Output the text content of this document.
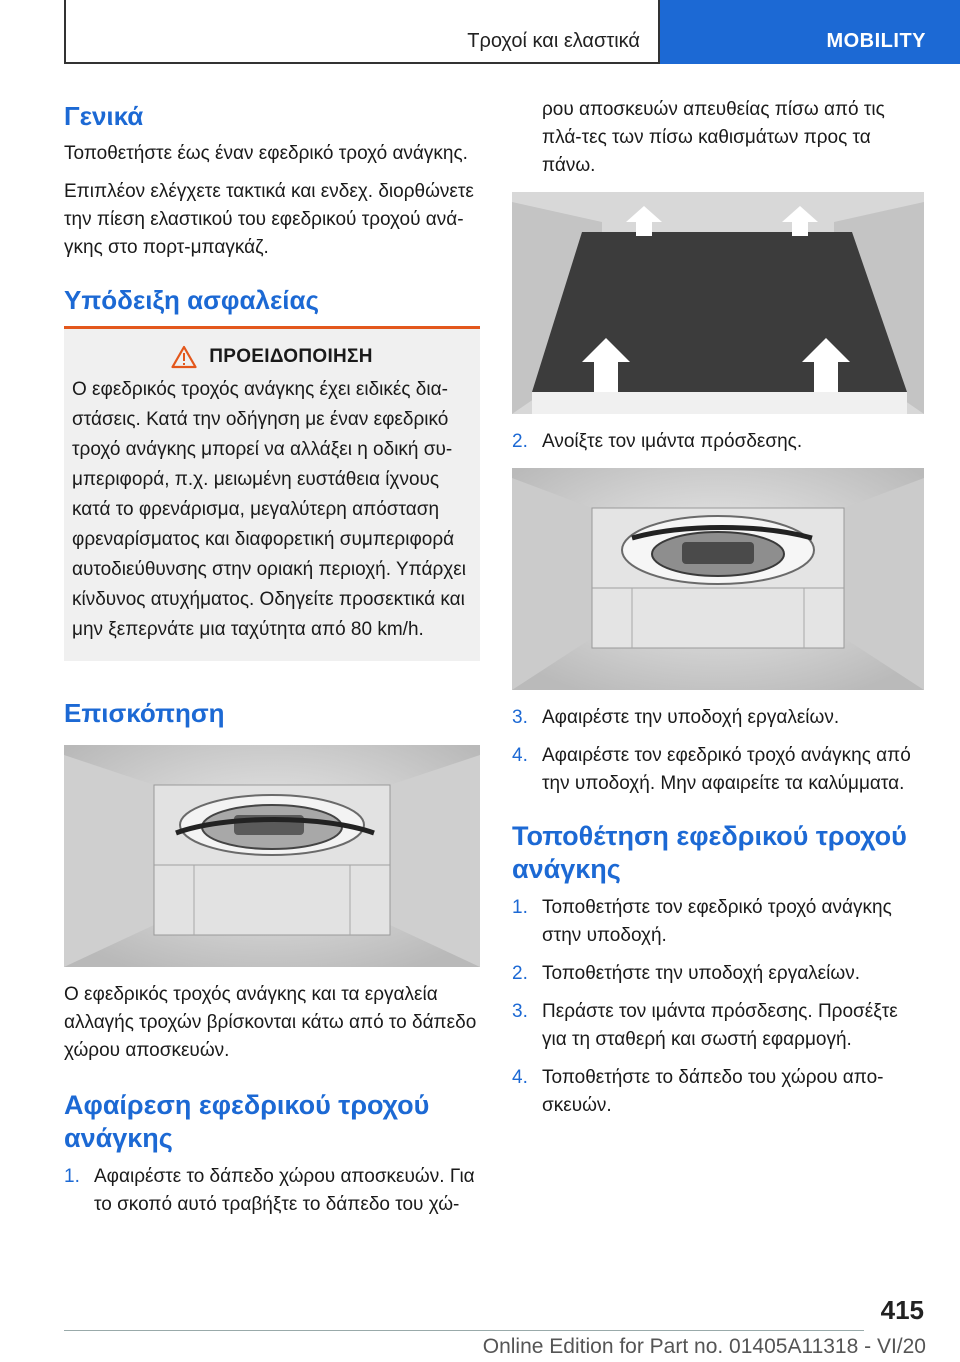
Τροχοί και ελαστικά	MOBILITY
Γενικά

Τοποθετήστε έως έναν εφεδρικό τροχό ανάγκης.

Επιπλέον ελέγχετε τακτικά και ενδεχ. διορθώνετε την πίεση ελαστικού του εφεδρικού τροχού ανά-γκης στο πορτ-μπαγκάζ.

Υπόδειξη ασφαλείας
ΠΡΟΕΙΔΟΠΟΙΗΣΗ

Ο εφεδρικός τροχός ανάγκης έχει ειδικές δια-στάσεις. Κατά την οδήγηση με έναν εφεδρικό τροχό ανάγκης μπορεί να αλλάξει η οδική συ-μπεριφορά, π.χ. μειωμένη ευστάθεια ίχνους κατά το φρενάρισμα, μεγαλύτερη απόσταση φρεναρίσματος και διαφορετική συμπεριφορά αυτοδιεύθυνσης στην οριακή περιοχή. Υπάρχει κίνδυνος ατυχήματος. Οδηγείτε προσεκτικά και μην ξεπερνάτε μια ταχύτητα από 80 km/h.

Επισκόπηση

Ο εφεδρικός τροχός ανάγκης και τα εργαλεία αλλαγής τροχών βρίσκονται κάτω από το δάπεδο χώρου αποσκευών.

Αφαίρεση εφεδρικού τροχού ανάγκης
1. Αφαιρέστε το δάπεδο χώρου αποσκευών. Για το σκοπό αυτό τραβήξτε το δάπεδο του χώ-

ρου αποσκευών απευθείας πίσω από τις πλά-τες των πίσω καθισμάτων προς τα πάνω.

2. Ανοίξτε τον ιμάντα πρόσδεσης.
3. Αφαιρέστε την υποδοχή εργαλείων.
4. Αφαιρέστε τον εφεδρικό τροχό ανάγκης από την υποδοχή. Μην αφαιρείτε τα καλύμματα.
Τοποθέτηση εφεδρικού τροχού ανάγκης
1. Τοποθετήστε τον εφεδρικό τροχό ανάγκης στην υποδοχή.
2. Τοποθετήστε την υποδοχή εργαλείων.
3. Περάστε τον ιμάντα πρόσδεσης. Προσέξτε για τη σταθερή και σωστή εφαρμογή.
4. Τοποθετήστε το δάπεδο του χώρου απο-σκευών.
415
Online Edition for Part no. 01405A11318 - VI/20
